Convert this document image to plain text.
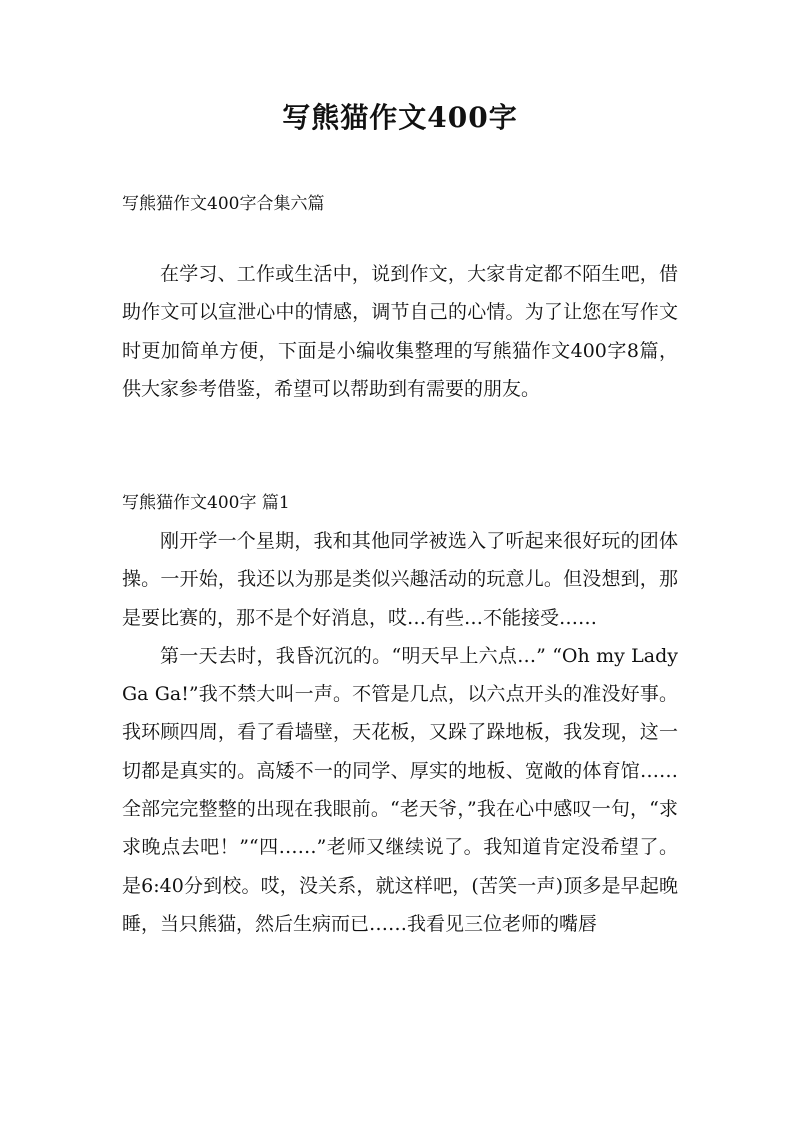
写熊猫作文400字
写熊猫作文400字合集六篇

在学习、工作或生活中，说到作文，大家肯定都不陌生吧，借助作文可以宣泄心中的情感，调节自己的心情。为了让您在写作文时更加简单方便，下面是小编收集整理的写熊猫作文400字8篇，供大家参考借鉴，希望可以帮助到有需要的朋友。

写熊猫作文400字 篇1

刚开学一个星期，我和其他同学被选入了听起来很好玩的团体操。一开始，我还以为那是类似兴趣活动的玩意儿。但没想到，那是要比赛的，那不是个好消息，哎…有些…不能接受……

第一天去时，我昏沉沉的。“明天早上六点…” “Oh my Lady Ga Ga!”我不禁大叫一声。不管是几点，以六点开头的准没好事。我环顾四周，看了看墙壁，天花板，又跺了跺地板，我发现，这一切都是真实的。高矮不一的同学、厚实的地板、宽敞的体育馆……全部完完整整的出现在我眼前。“老天爷，”我在心中感叹一句，“求求晚点去吧！”“四……”老师又继续说了。我知道肯定没希望了。是6:40分到校。哎，没关系，就这样吧，(苦笑一声)顶多是早起晚睡，当只熊猫，然后生病而已……我看见三位老师的嘴唇
